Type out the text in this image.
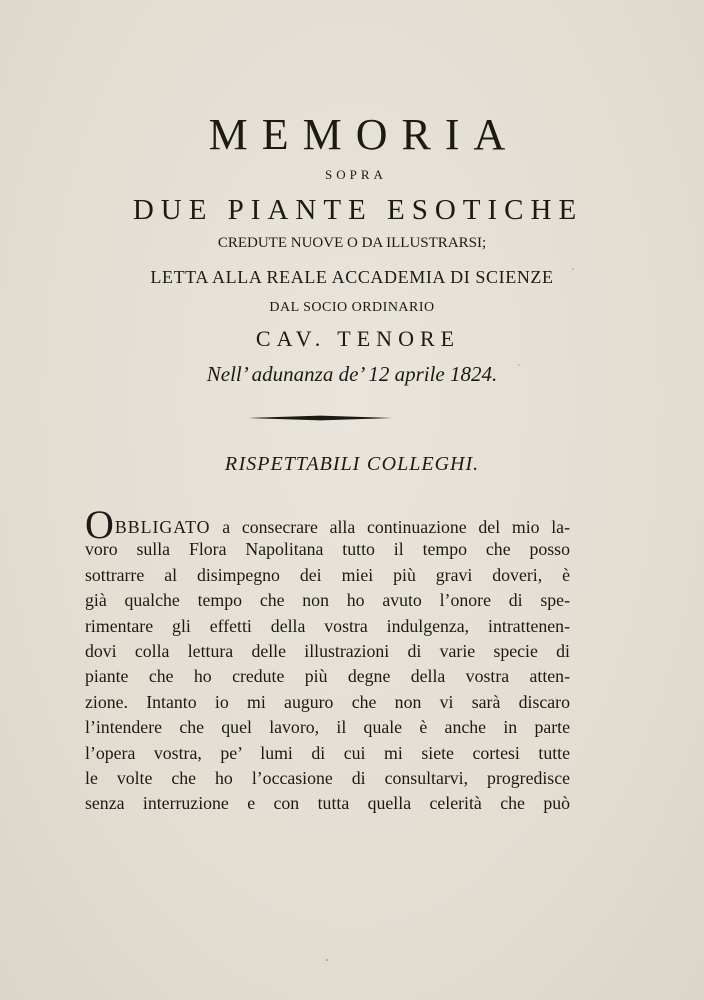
MEMORIA
SOPRA
DUE PIANTE ESOTICHE
CREDUTE NUOVE O DA ILLUSTRARSI;
LETTA ALLA REALE ACCADEMIA DI SCIENZE
DAL SOCIO ORDINARIO
CAV. TENORE
Nell’ adunanza de’ 12 aprile 1824.
RISPETTABILI COLLEGHI.
OBBLIGATO a consecrare alla continuazione del mio la-
voro sulla Flora Napolitana tutto il tempo che posso
sottrarre al disimpegno dei miei più gravi doveri, è
già qualche tempo che non ho avuto l’onore di spe-
rimentare gli effetti della vostra indulgenza, intrattenen-
dovi colla lettura delle illustrazioni di varie specie di
piante che ho credute più degne della vostra atten-
zione. Intanto io mi auguro che non vi sarà discaro
l’intendere che quel lavoro, il quale è anche in parte
l’opera vostra, pe’ lumi di cui mi siete cortesi tutte
le volte che ho l’occasione di consultarvi, progredisce
senza interruzione e con tutta quella celerità che può
